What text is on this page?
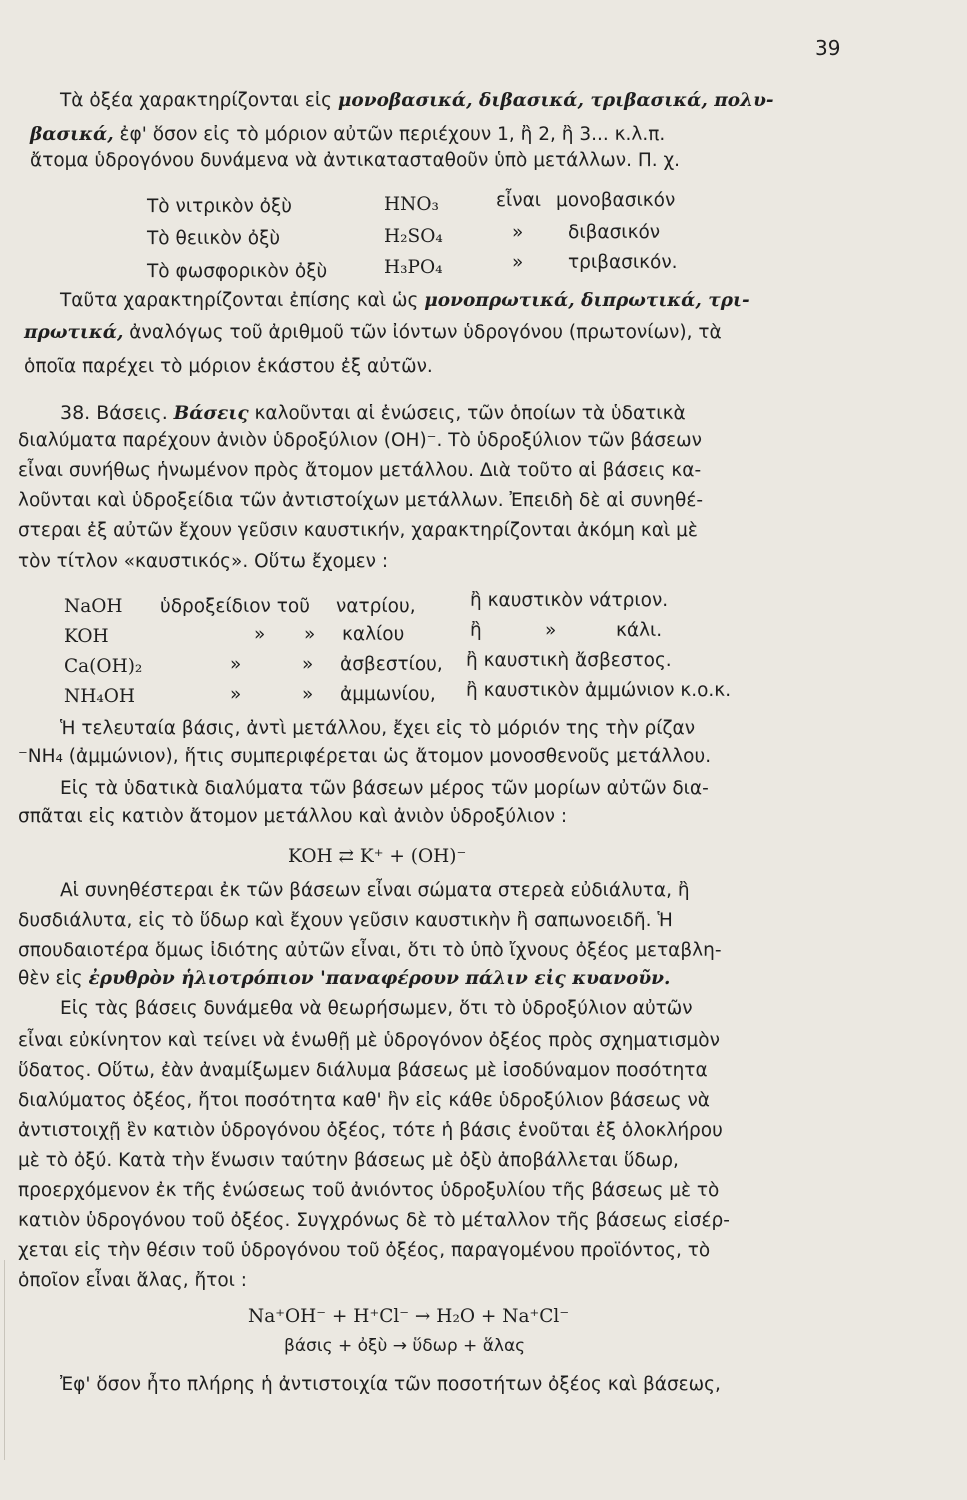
39
Τὰ ὀξέα χαρακτηρίζονται εἰς μονοβασικά, διβασικά, τριβασικά, πολυ-
βασικά, ἐφ' ὅσον εἰς τὸ μόριον αὐτῶν περιέχουν 1, ἢ 2, ἢ 3... κ.λ.π.
ἄτομα ὑδρογόνου δυνάμενα νὰ ἀντικατασταθοῦν ὑπὸ μετάλλων. Π. χ.
Τὸ νιτρικὸν ὀξὺ	HNO₃	εἶναι μονοβασικόν
Τὸ θειικὸν ὀξὺ	H₂SO₄	» διβασικόν
Τὸ φωσφορικὸν ὀξὺ	H₃PO₄	» τριβασικόν.
Ταῦτα χαρακτηρίζονται ἐπίσης καὶ ὡς μονοπρωτικά, διπρωτικά, τρι-
πρωτικά, ἀναλόγως τοῦ ἀριθμοῦ τῶν ἰόντων ὑδρογόνου (πρωτονίων), τὰ
ὁποῖα παρέχει τὸ μόριον ἑκάστου ἐξ αὐτῶν.
38. Βάσεις. Βάσεις καλοῦνται αἱ ἑνώσεις, τῶν ὁποίων τὰ ὑδατικὰ
διαλύματα παρέχουν ἀνιὸν ὑδροξύλιον (OH)⁻. Τὸ ὑδροξύλιον τῶν βάσεων
εἶναι συνήθως ἡνωμένον πρὸς ἄτομον μετάλλου. Διὰ τοῦτο αἱ βάσεις κα-
λοῦνται καὶ ὑδροξείδια τῶν ἀντιστοίχων μετάλλων. Ἐπειδὴ δὲ αἱ συνηθέ-
στεραι ἐξ αὐτῶν ἔχουν γεῦσιν καυστικήν, χαρακτηρίζονται ἀκόμη καὶ μὲ
τὸν τίτλον «καυστικός». Οὕτω ἔχομεν :
NaOH ὑδροξείδιον τοῦ νατρίου,	ἢ καυστικὸν νάτριον.
KOH	» » καλίου	ἢ	»	κάλι.
Ca(OH)₂	»	» ἀσβεστίου, ἢ καυστικὴ ἄσβεστος.
NH₄OH	»	» ἀμμωνίου, ἢ καυστικὸν ἀμμώνιον κ.ο.κ.
Ἡ τελευταία βάσις, ἀντὶ μετάλλου, ἔχει εἰς τὸ μόριόν της τὴν ρίζαν
⁻NH₄ (ἀμμώνιον), ἥτις συμπεριφέρεται ὡς ἄτομον μονοσθενοῦς μετάλλου.
Εἰς τὰ ὑδατικὰ διαλύματα τῶν βάσεων μέρος τῶν μορίων αὐτῶν δια-
σπᾶται εἰς κατιὸν ἄτομον μετάλλου καὶ ἀνιὸν ὑδροξύλιον :
KOH ⇄ K⁺ + (OH)⁻
Αἱ συνηθέστεραι ἐκ τῶν βάσεων εἶναι σώματα στερεὰ εὐδιάλυτα, ἢ
δυσδιάλυτα, εἰς τὸ ὕδωρ καὶ ἔχουν γεῦσιν καυστικὴν ἢ σαπωνοειδῆ. Ἡ
σπουδαιοτέρα ὅμως ἰδιότης αὐτῶν εἶναι, ὅτι τὸ ὑπὸ ἴχνους ὀξέος μεταβλη-
θὲν εἰς ἐρυθρὸν ἡλιοτρόπιον 'παναφέρουν πάλιν εἰς κυανοῦν.
Εἰς τὰς βάσεις δυνάμεθα νὰ θεωρήσωμεν, ὅτι τὸ ὑδροξύλιον αὐτῶν
εἶναι εὐκίνητον καὶ τείνει νὰ ἑνωθῇ μὲ ὑδρογόνον ὀξέος πρὸς σχηματισμὸν
ὕδατος. Οὕτω, ἐὰν ἀναμίξωμεν διάλυμα βάσεως μὲ ἰσοδύναμον ποσότητα
διαλύματος ὀξέος, ἤτοι ποσότητα καθ' ἣν εἰς κάθε ὑδροξύλιον βάσεως νὰ
ἀντιστοιχῇ ἓν κατιὸν ὑδρογόνου ὀξέος, τότε ἡ βάσις ἑνοῦται ἐξ ὁλοκλήρου
μὲ τὸ ὀξύ. Κατὰ τὴν ἕνωσιν ταύτην βάσεως μὲ ὀξὺ ἀποβάλλεται ὕδωρ,
προερχόμενον ἐκ τῆς ἑνώσεως τοῦ ἀνιόντος ὑδροξυλίου τῆς βάσεως μὲ τὸ
κατιὸν ὑδρογόνου τοῦ ὀξέος. Συγχρόνως δὲ τὸ μέταλλον τῆς βάσεως εἰσέρ-
χεται εἰς τὴν θέσιν τοῦ ὑδρογόνου τοῦ ὀξέος, παραγομένου προϊόντος, τὸ
ὁποῖον εἶναι ἅλας, ἤτοι :
Na⁺OH⁻ + H⁺Cl⁻ → H₂O + Na⁺Cl⁻
βάσις + ὀξὺ → ὕδωρ + ἅλας
Ἐφ' ὅσον ἦτο πλήρης ἡ ἀντιστοιχία τῶν ποσοτήτων ὀξέος καὶ βάσεως,
